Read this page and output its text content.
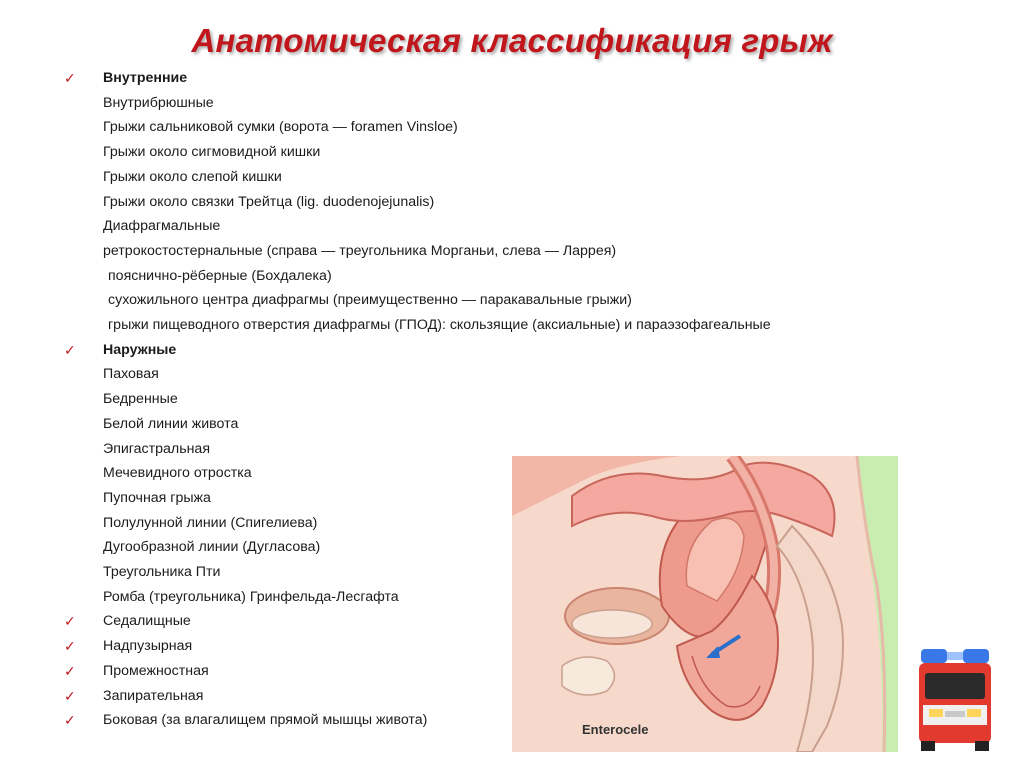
Анатомическая классификация грыж
✓ Внутренние
Внутрибрюшные
Грыжи сальниковой сумки (ворота — foramen Vinsloe)
Грыжи около сигмовидной кишки
Грыжи около слепой кишки
Грыжи около связки Трейтца (lig. duodenojejunalis)
Диафрагмальные
ретрокостостернальные (справа — треугольника Морганьи, слева — Ларрея)
пояснично-рёберные (Бохдалека)
сухожильного центра диафрагмы (преимущественно — паракавальные грыжи)
грыжи пищеводного отверстия диафрагмы (ГПОД): скользящие (аксиальные) и параэзофагеальные
✓ Наружные
Паховая
Бедренные
Белой линии живота
Эпигастральная
Мечевидного отростка
Пупочная грыжа
Полулунной линии (Спигелиева)
Дугообразной линии (Дугласова)
Треугольника Пти
Ромба (треугольника) Гринфельда-Лесгафта
✓ Седалищные
✓ Надпузырная
✓ Промежностная
✓ Запирательная
✓ Боковая (за влагалищем прямой мышцы живота)
Enterocele
